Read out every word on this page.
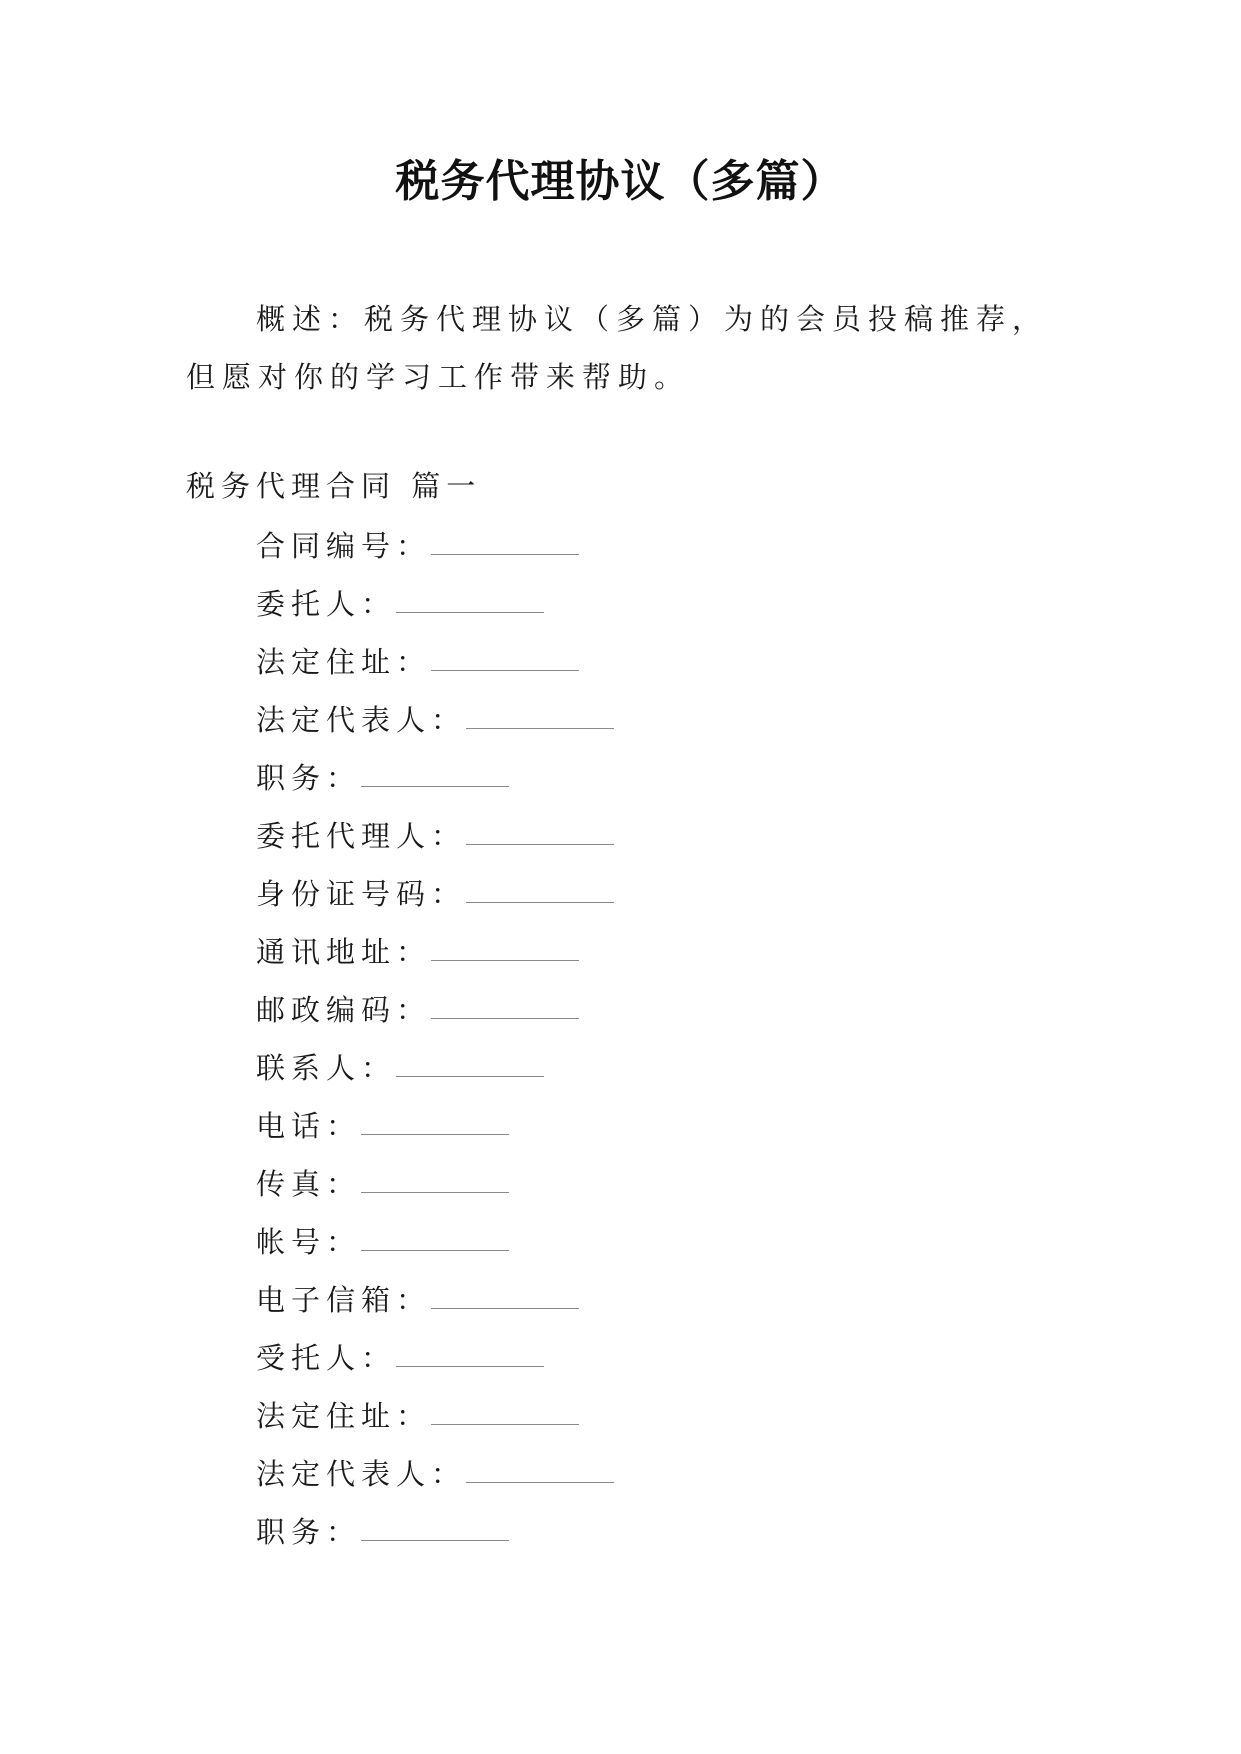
税务代理协议（多篇）
概述：税务代理协议（多篇）为的会员投稿推荐，但愿对你的学习工作带来帮助。
税务代理合同 篇一
合同编号：
委托人：
法定住址：
法定代表人：
职务：
委托代理人：
身份证号码：
通讯地址：
邮政编码：
联系人：
电话：
传真：
帐号：
电子信箱：
受托人：
法定住址：
法定代表人：
职务：
